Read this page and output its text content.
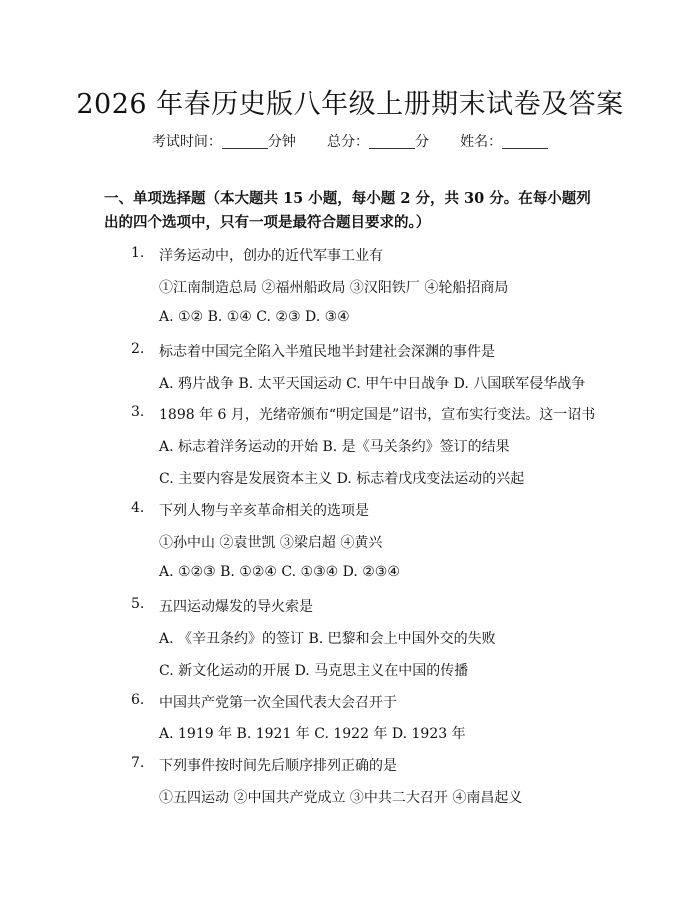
2026 年春历史版八年级上册期末试卷及答案
考试时间：	分钟 总分：	分 姓名：
一、单项选择题（本大题共 15 小题，每小题 2 分，共 30 分。在每小题列出的四个选项中，只有一项是最符合题目要求的。）
1. 洋务运动中，创办的近代军事工业有
①江南制造总局 ②福州船政局 ③汉阳铁厂 ④轮船招商局
A. ①② B. ①④ C. ②③ D. ③④
2. 标志着中国完全陷入半殖民地半封建社会深渊的事件是
A. 鸦片战争 B. 太平天国运动 C. 甲午中日战争 D. 八国联军侵华战争
3. 1898 年 6 月，光绪帝颁布“明定国是”诏书，宣布实行变法。这一诏书
A. 标志着洋务运动的开始 B. 是《马关条约》签订的结果
C. 主要内容是发展资本主义 D. 标志着戊戌变法运动的兴起
4. 下列人物与辛亥革命相关的选项是
①孙中山 ②袁世凯 ③梁启超 ④黄兴
A. ①②③ B. ①②④ C. ①③④ D. ②③④
5. 五四运动爆发的导火索是
A. 《辛丑条约》的签订 B. 巴黎和会上中国外交的失败
C. 新文化运动的开展 D. 马克思主义在中国的传播
6. 中国共产党第一次全国代表大会召开于
A. 1919 年 B. 1921 年 C. 1922 年 D. 1923 年
7. 下列事件按时间先后顺序排列正确的是
①五四运动 ②中国共产党成立 ③中共二大召开 ④南昌起义
